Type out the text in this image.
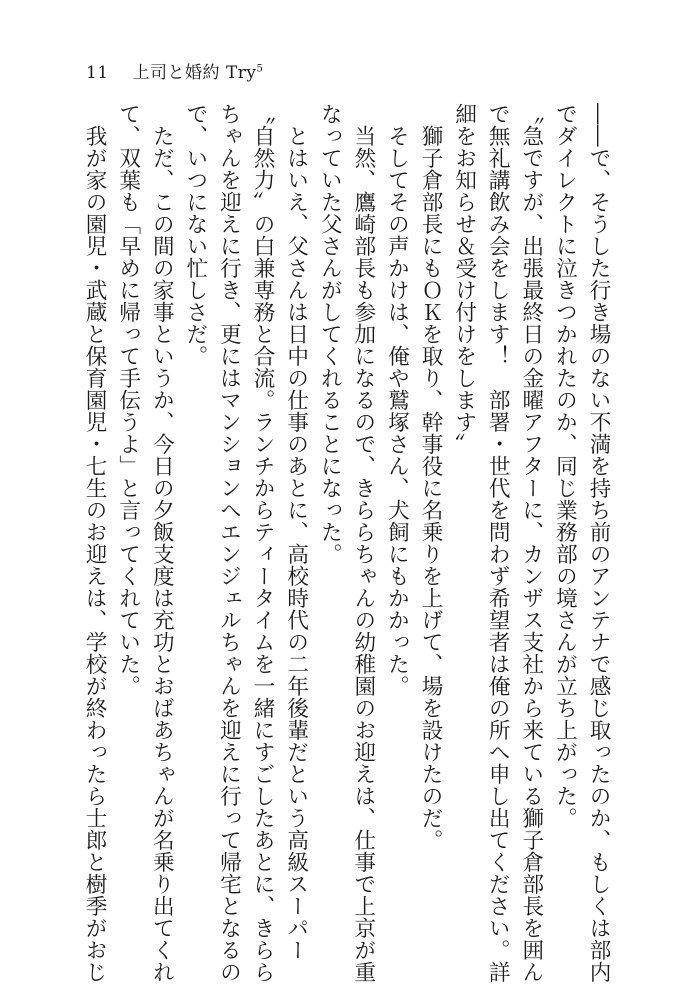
11 上司と婚約 Try$^5$

――で、そうした行き場のない不満を持ち前のアンテナで感じ取ったのか、もしくは部内でダイレクトに泣きつかれたのか、同じ業務部の境さんが立ち上がった。

〝急ですが、出張最終日の金曜アフターに、カンザス支社から来ている獅子倉部長を囲んで無礼講飲み会をします！　部署・世代を問わず希望者は俺の所へ申し出てください。詳細をお知らせ＆受け付けをします〟

　獅子倉部長にもＯＫを取り、幹事役に名乗りを上げて、場を設けたのだ。

　そしてその声かけは、俺や鷲塚さん、犬飼にもかかった。

　当然、鷹崎部長も参加になるので、きららちゃんの幼稚園のお迎えは、仕事で上京が重なっていた父さんがしてくれることになった。

　とはいえ、父さんは日中の仕事のあとに、高校時代の二年後輩だという高級スーパー〝自然力〟の白兼専務と合流。ランチからティータイムを一緒にすごしたあとに、きららちゃんを迎えに行き、更にはマンションへエンジェルちゃんを迎えに行って帰宅となるので、いつにない忙しさだ。

　ただ、この間の家事というか、今日の夕飯支度は充功とおばあちゃんが名乗り出てくれて、双葉も「早めに帰って手伝うよ」と言ってくれていた。

　我が家の園児・武蔵と保育園児・七生のお迎えは、学校が終わったら士郎と樹季がおじ
